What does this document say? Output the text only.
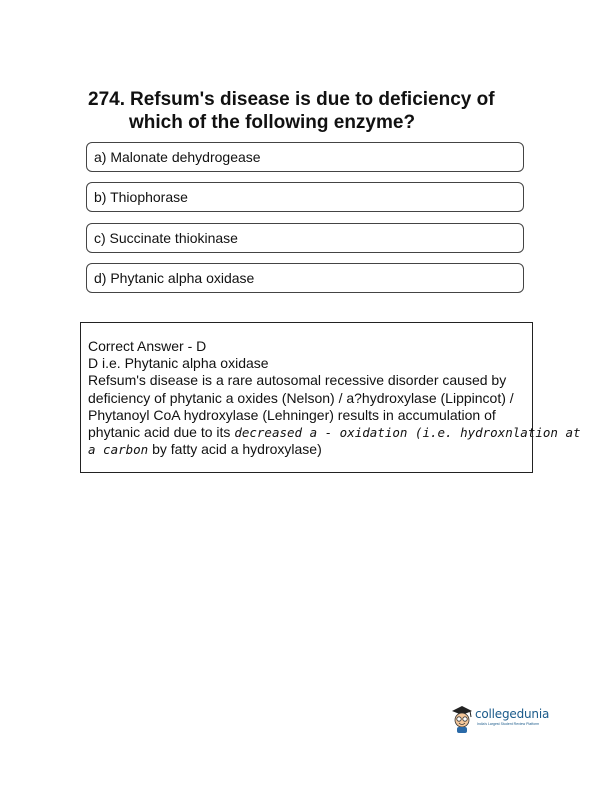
274. Refsum's disease is due to deficiency of
which of the following enzyme?
a) Malonate dehydrogease
b) Thiophorase
c) Succinate thiokinase
d) Phytanic alpha oxidase
Correct Answer - D
D i.e. Phytanic alpha oxidase
Refsum's disease is a rare autosomal recessive disorder caused by
deficiency of phytanic a oxides (Nelson) / a?hydroxylase (Lippincot) /
Phytanoyl CoA hydroxylase (Lehninger) results in accumulation of
phytanic acid due to its decreased a - oxidation (i.e. hydroxnlation at
a carbon by fatty acid a hydroxylase)
collegedunia
India's Largest Student Review Platform
